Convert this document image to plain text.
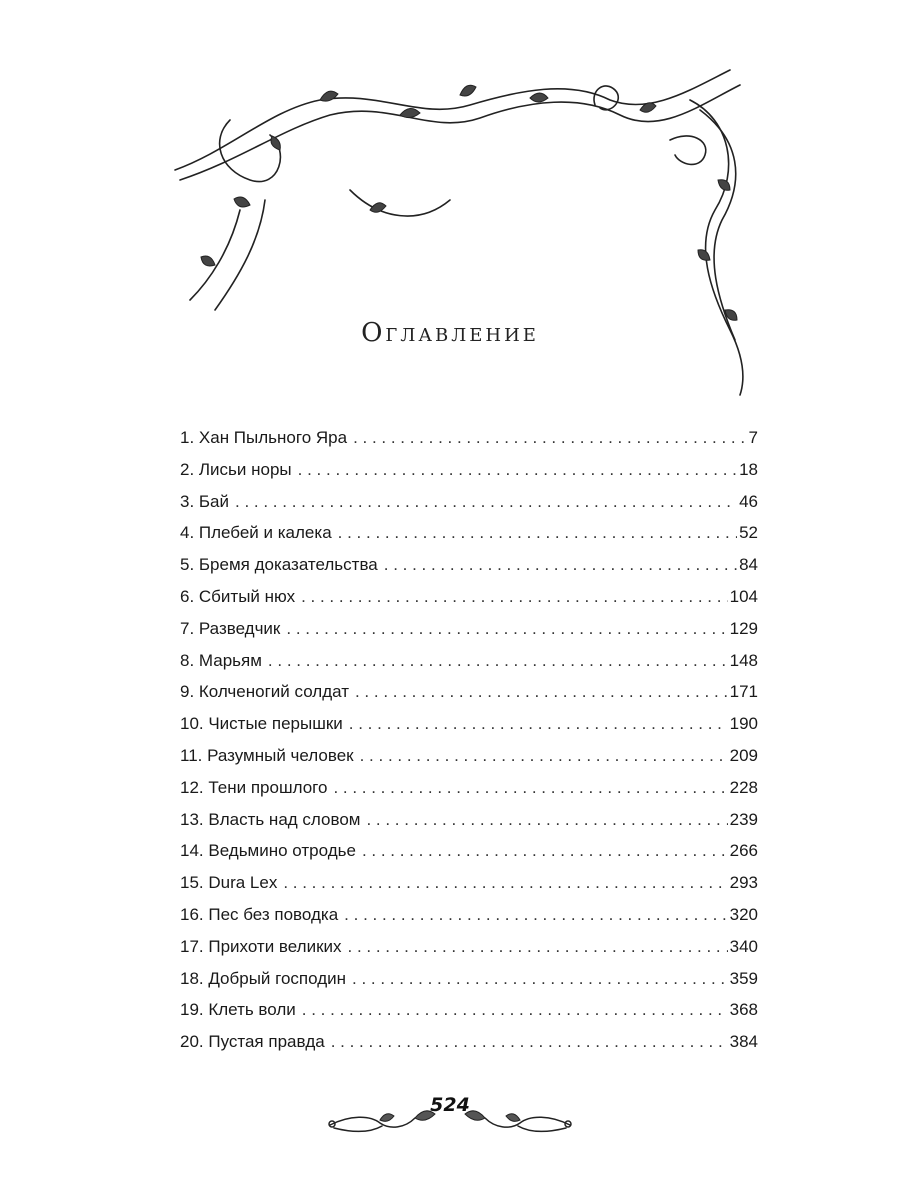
Оглавление
1. Хан Пыльного Яра . . .	7
2. Лисьи норы . . .	18
3. Бай . . .	46
4. Плебей и калека . . .	52
5. Бремя доказательства . . .	84
6. Сбитый нюх . . .	104
7. Разведчик . . .	129
8. Марьям . . .	148
9. Колченогий солдат . . .	171
10. Чистые перышки . . .	190
11. Разумный человек . . .	209
12. Тени прошлого . . .	228
13. Власть над словом . . .	239
14. Ведьмино отродье . . .	266
15. Dura Lex . . .	293
16. Пес без поводка . . .	320
17. Прихоти великих . . .	340
18. Добрый господин . . .	359
19. Клеть воли . . .	368
20. Пустая правда . . .	384
524
